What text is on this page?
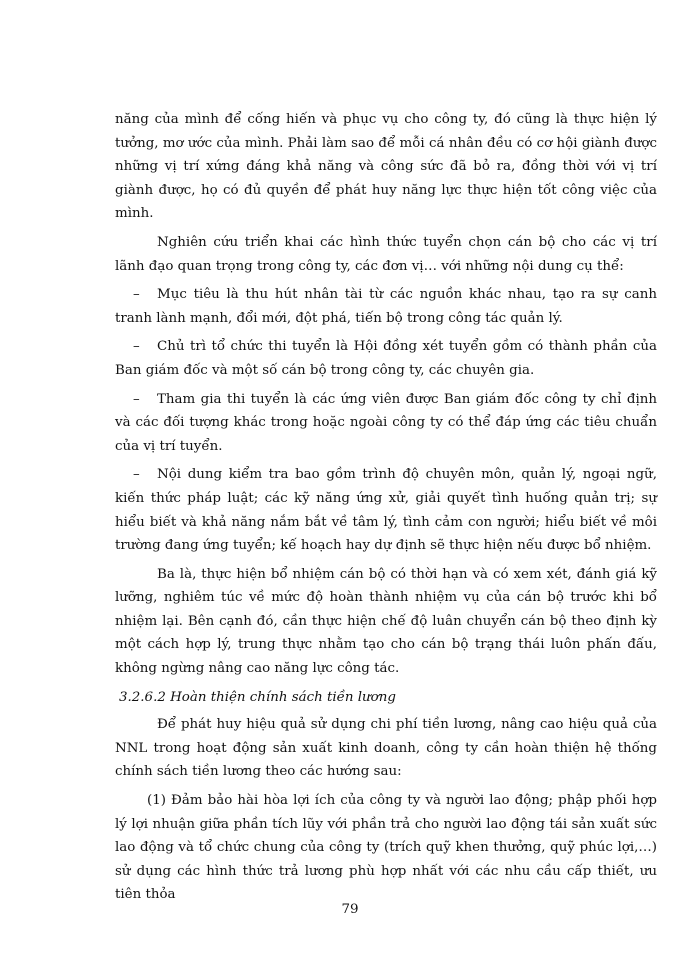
năng của mình để cống hiến và phục vụ cho công ty, đó cũng là thực hiện lý tưởng, mơ ước của mình. Phải làm sao để mỗi cá nhân đều có cơ hội giành được những vị trí xứng đáng khả năng và công sức đã bỏ ra, đồng thời với vị trí giành được, họ có đủ quyền để phát huy năng lực thực hiện tốt công việc của mình.

Nghiên cứu triển khai các hình thức tuyển chọn cán bộ cho các vị trí lãnh đạo quan trọng trong công ty, các đơn vị… với những nội dung cụ thể:

– Mục tiêu là thu hút nhân tài từ các nguồn khác nhau, tạo ra sự canh tranh lành mạnh, đổi mới, đột phá, tiến bộ trong công tác quản lý.

– Chủ trì tổ chức thi tuyển là Hội đồng xét tuyển gồm có thành phần của Ban giám đốc và một số cán bộ trong công ty, các chuyên gia.

– Tham gia thi tuyển là các ứng viên được Ban giám đốc công ty chỉ định và các đối tượng khác trong hoặc ngoài công ty có thể đáp ứng các tiêu chuẩn của vị trí tuyển.

– Nội dung kiểm tra bao gồm trình độ chuyên môn, quản lý, ngoại ngữ, kiến thức pháp luật; các kỹ năng ứng xử, giải quyết tình huống quản trị; sự hiểu biết và khả năng nắm bắt về tâm lý, tình cảm con người; hiểu biết về môi trường đang ứng tuyển; kế hoạch hay dự định sẽ thực hiện nếu được bổ nhiệm.

Ba là, thực hiện bổ nhiệm cán bộ có thời hạn và có xem xét, đánh giá kỹ lưỡng, nghiêm túc về mức độ hoàn thành nhiệm vụ của cán bộ trước khi bổ nhiệm lại. Bên cạnh đó, cần thực hiện chế độ luân chuyển cán bộ theo định kỳ một cách hợp lý, trung thực nhằm tạo cho cán bộ trạng thái luôn phấn đấu, không ngừng nâng cao năng lực công tác.

3.2.6.2 Hoàn thiện chính sách tiền lương

Để phát huy hiệu quả sử dụng chi phí tiền lương, nâng cao hiệu quả của NNL trong hoạt động sản xuất kinh doanh, công ty cần hoàn thiện hệ thống chính sách tiền lương theo các hướng sau:

(1) Đảm bảo hài hòa lợi ích của công ty và người lao động; phập phối hợp lý lợi nhuận giữa phần tích lũy với phần trả cho người lao động tái sản xuất sức lao động và tổ chức chung của công ty (trích quỹ khen thưởng, quỹ phúc lợi,…) sử dụng các hình thức trả lương phù hợp nhất với các nhu cầu cấp thiết, ưu tiên thỏa

79
